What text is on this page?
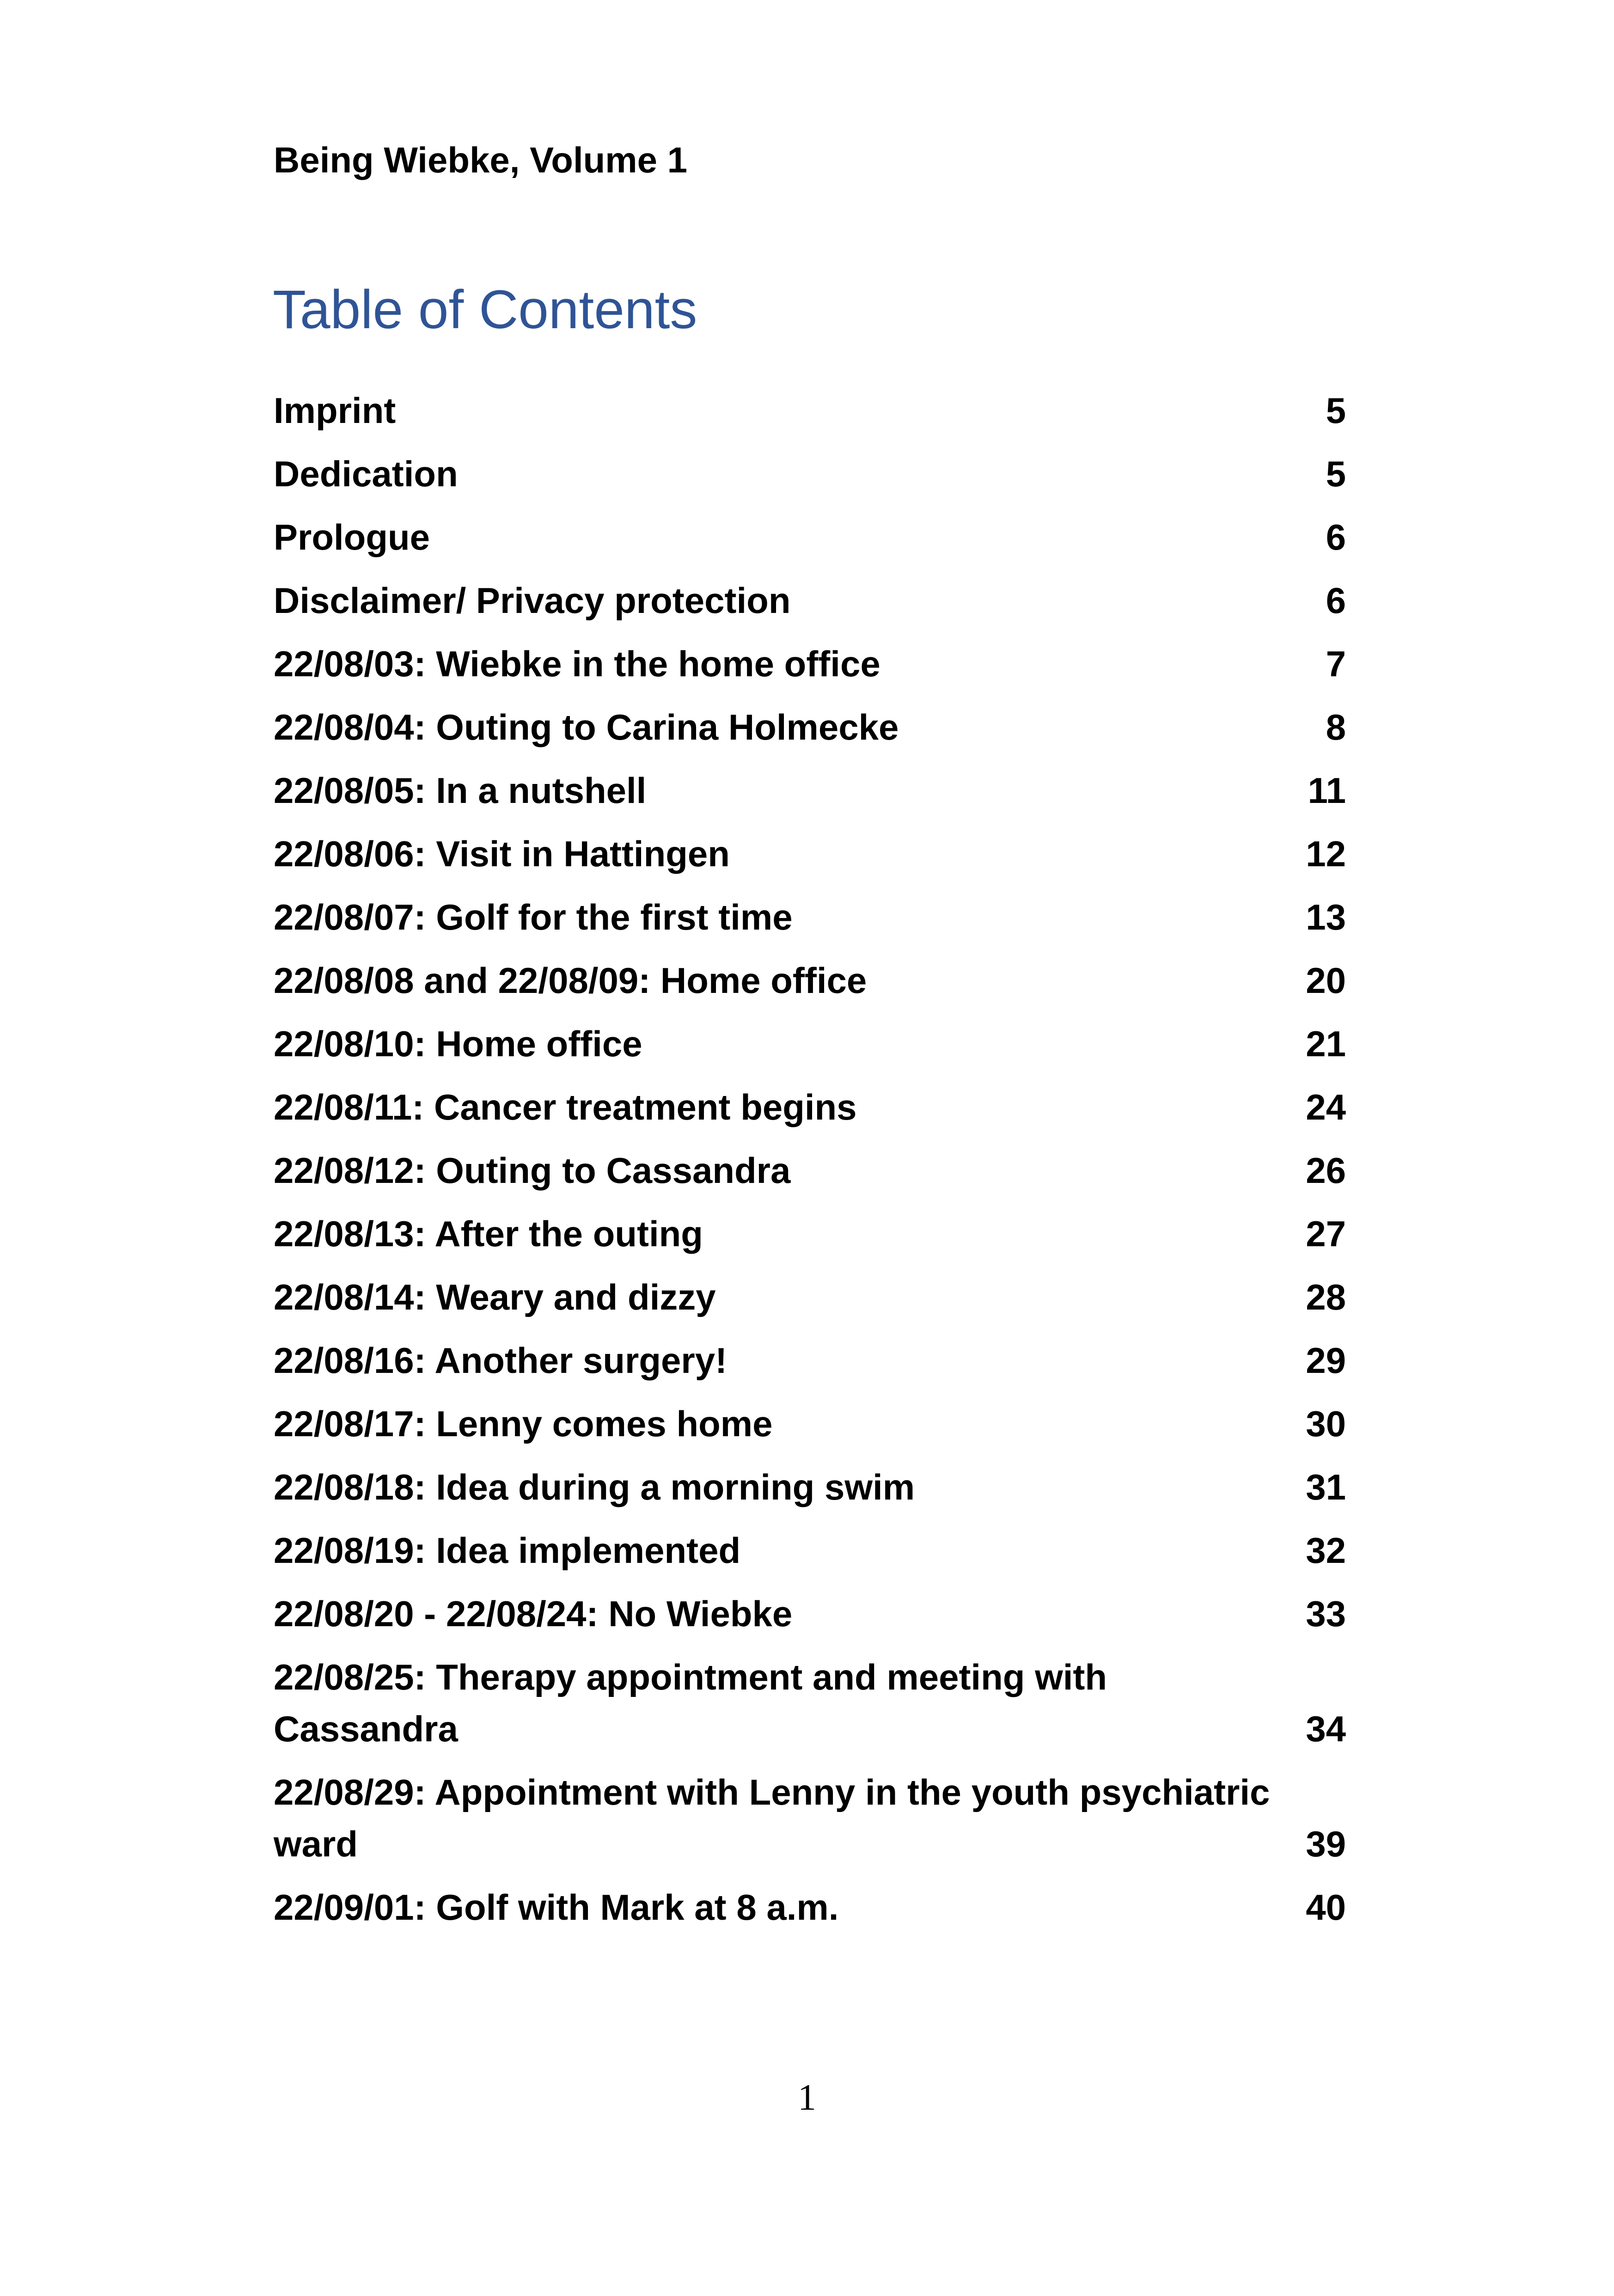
Being Wiebke, Volume 1
Table of Contents
Imprint	5
Dedication	5
Prologue	6
Disclaimer/ Privacy protection	6
22/08/03: Wiebke in the home office	7
22/08/04: Outing to Carina Holmecke	8
22/08/05: In a nutshell	11
22/08/06: Visit in Hattingen	12
22/08/07: Golf for the first time	13
22/08/08 and 22/08/09: Home office	20
22/08/10: Home office	21
22/08/11: Cancer treatment begins	24
22/08/12: Outing to Cassandra	26
22/08/13: After the outing	27
22/08/14: Weary and dizzy	28
22/08/16: Another surgery!	29
22/08/17: Lenny comes home	30
22/08/18: Idea during a morning swim	31
22/08/19: Idea implemented	32
22/08/20 - 22/08/24: No Wiebke	33
22/08/25: Therapy appointment and meeting with Cassandra	34
22/08/29: Appointment with Lenny in the youth psychiatric ward	39
22/09/01: Golf with Mark at 8 a.m.	40
1
